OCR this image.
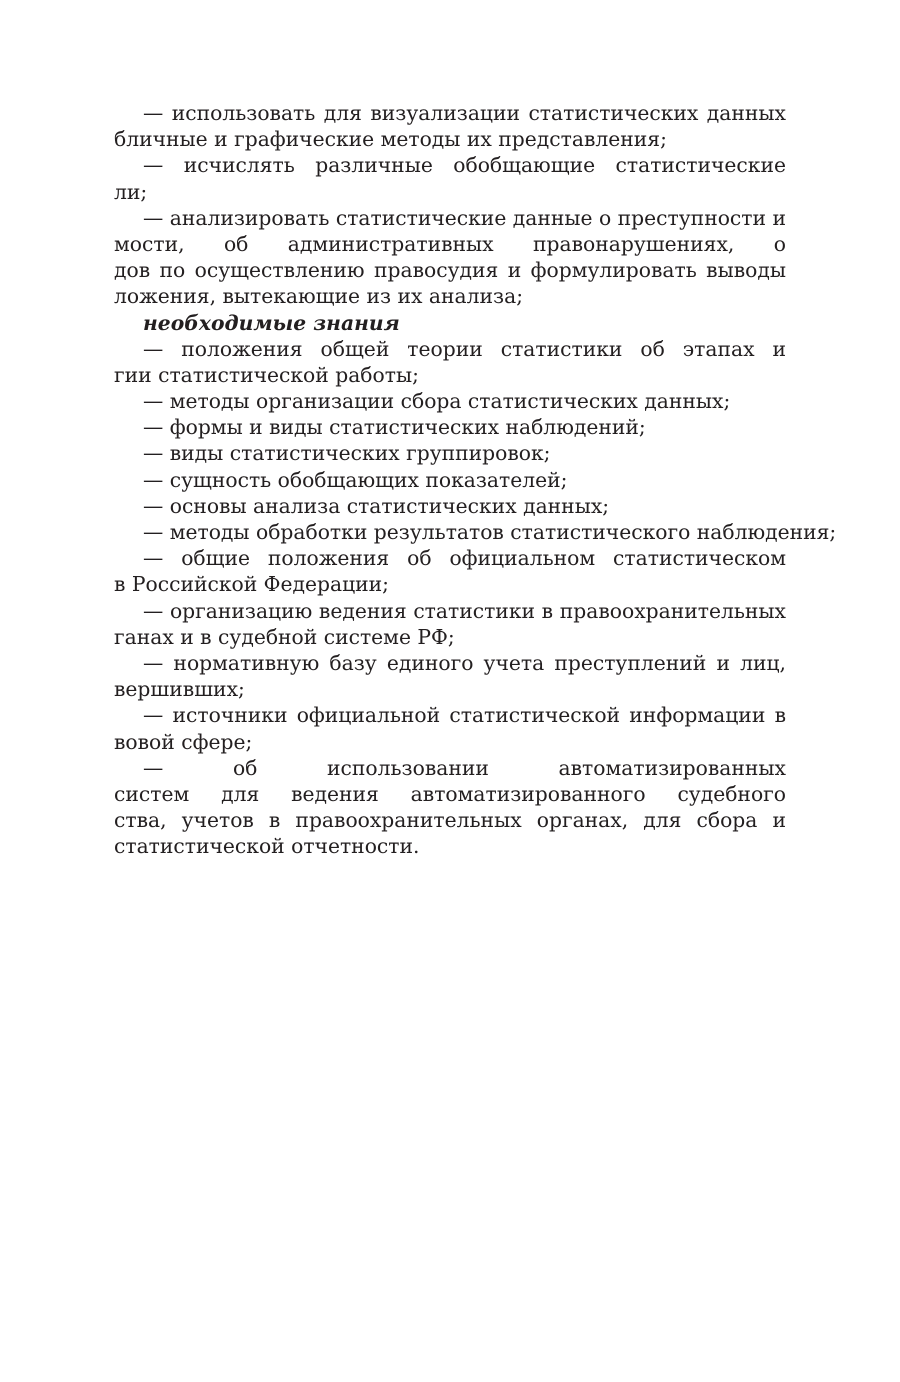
— использовать для визуализации статистических данных
бличные и графические методы их представления;
— исчислять различные обобщающие статистические
ли;
— анализировать статистические данные о преступности и
мости, об административных правонарушениях, о
дов по осуществлению правосудия и формулировать выводы
ложения, вытекающие из их анализа;
необходимые знания
— положения общей теории статистики об этапах и
гии статистической работы;
— методы организации сбора статистических данных;
— формы и виды статистических наблюдений;
— виды статистических группировок;
— сущность обобщающих показателей;
— основы анализа статистических данных;
— методы обработки результатов статистического наблюдения;
— общие положения об официальном статистическом
в Российской Федерации;
— организацию ведения статистики в правоохранительных
ганах и в судебной системе РФ;
— нормативную базу единого учета преступлений и лиц,
вершивших;
— источники официальной статистической информации в
вовой сфере;
— об использовании автоматизированных
систем для ведения автоматизированного судебного
ства, учетов в правоохранительных органах, для сбора и
статистической отчетности.
